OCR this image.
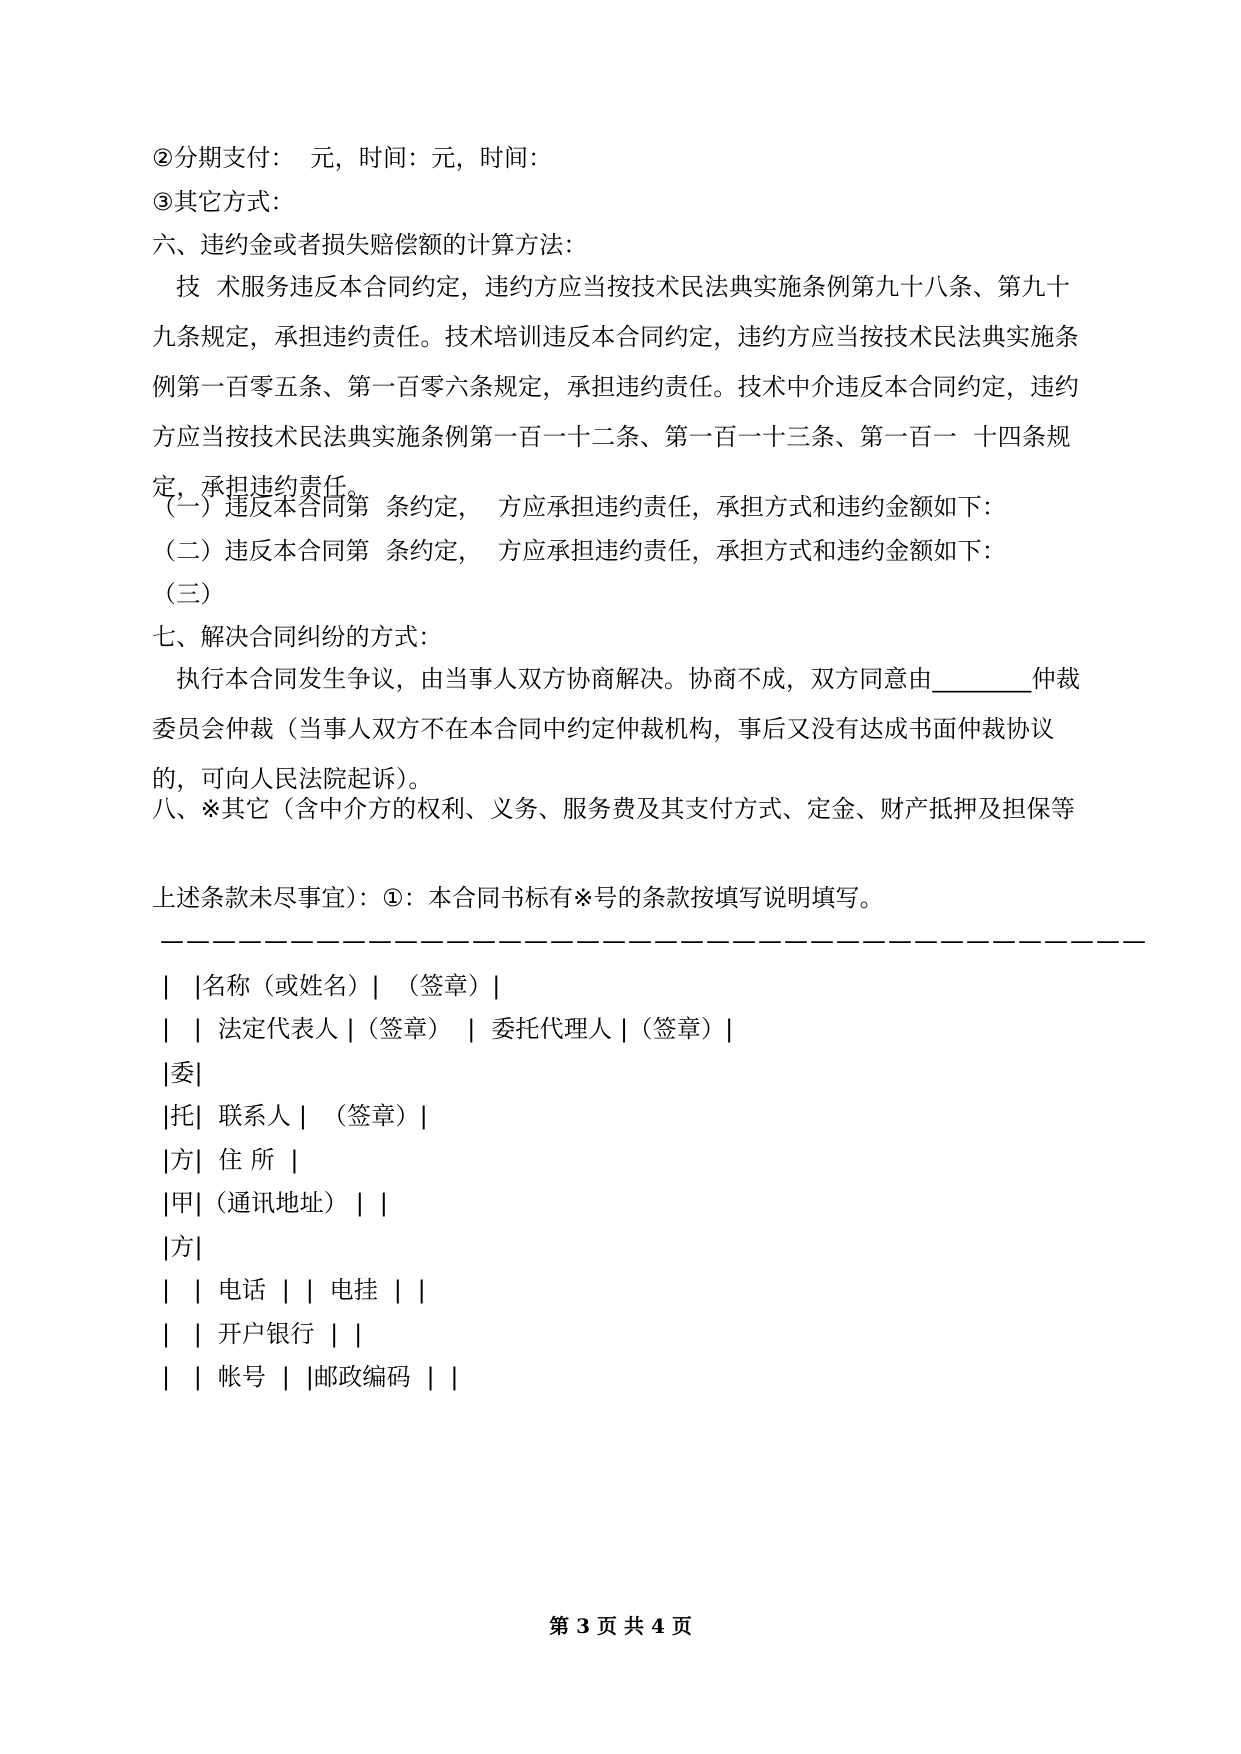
②分期支付：  元，时间：元，时间：
③其它方式：
六、违约金或者损失赔偿额的计算方法：
技  术服务违反本合同约定，违约方应当按技术民法典实施条例第九十八条、第九十九条规定，承担违约责任。技术培训违反本合同约定，违约方应当按技术民法典实施条例第一百零五条、第一百零六条规定，承担违约责任。技术中介违反本合同约定，违约方应当按技术民法典实施条例第一百一十二条、第一百一十三条、第一百一  十四条规定，承担违约责任。
（一）违反本合同第  条约定，  方应承担违约责任，承担方式和违约金额如下：
（二）违反本合同第  条约定，  方应承担违约责任，承担方式和违约金额如下：
（三）
七、解决合同纠纷的方式：
执行本合同发生争议，由当事人双方协商解决。协商不成，双方同意由________仲裁委员会仲裁（当事人双方不在本合同中约定仲裁机构，事后又没有达成书面仲裁协议的，可向人民法院起诉）。
八、※其它（含中介方的权利、义务、服务费及其支付方式、定金、财产抵押及担保等
上述条款未尽事宜）：①：本合同书标有※号的条款按填写说明填写。
——————————————————————————————————————
|   |名称（或姓名）|  （签章）|
|   |  法定代表人 |（签章）  |  委托代理人 |（签章）|
|委|
|托|  联系人 |  （签章）|
|方|  住 所  |
|甲|（通讯地址） |  |
|方|
|   |  电话  |  |  电挂  |  |
|   |  开户银行  |  |
|   |  帐号  |  |邮政编码  |  |
第 3 页 共 4 页
